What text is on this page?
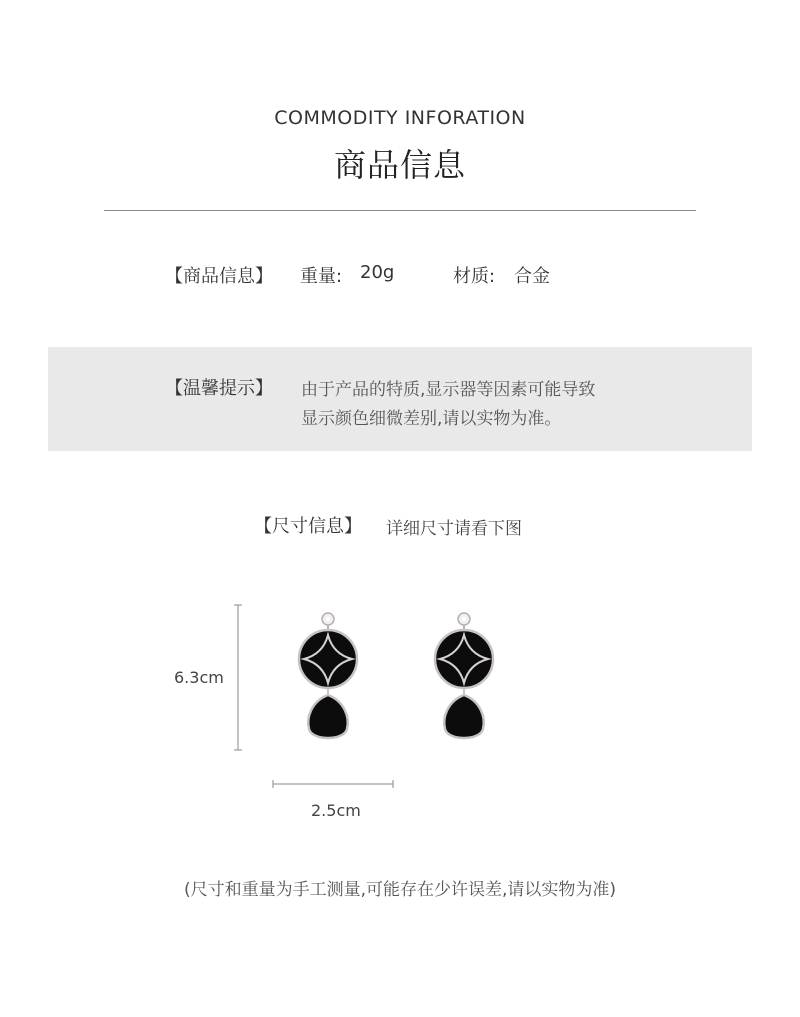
COMMODITY INFORATION
商品信息
【商品信息】 重量: 20g	材质: 合金
【温馨提示】 由于产品的特质,显示器等因素可能导致
显示颜色细微差别,请以实物为准。
【尺寸信息】 详细尺寸请看下图
6.3cm
2.5cm
(尺寸和重量为手工测量,可能存在少许误差,请以实物为准)
